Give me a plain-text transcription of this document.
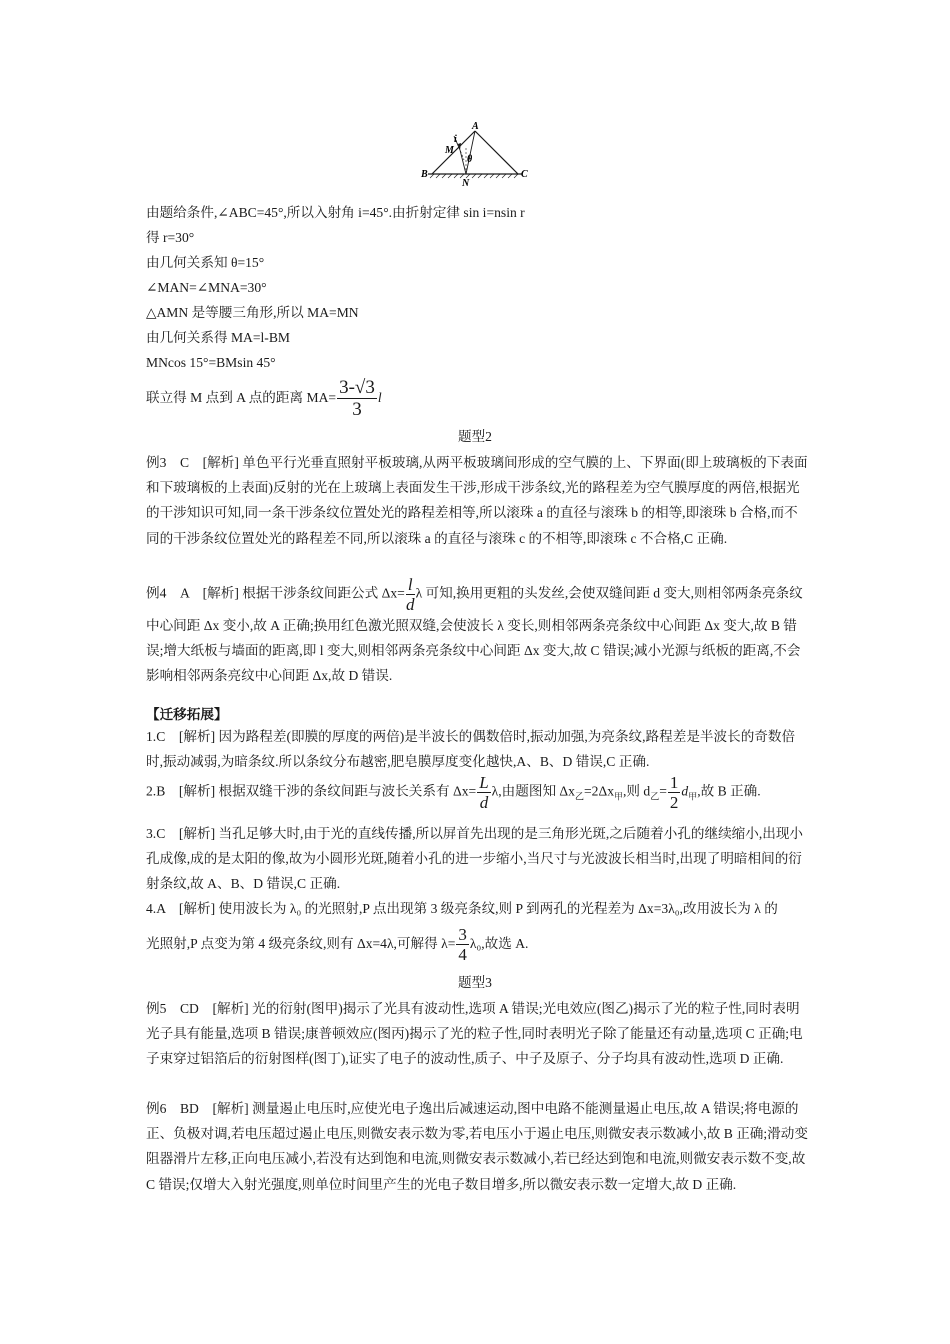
A
B	C
M
N
i
θ
由题给条件,∠ABC=45°,所以入射角 i=45°.由折射定律 sin i=nsin r
得 r=30°
由几何关系知 θ=15°
∠MAN=∠MNA=30°
△AMN 是等腰三角形,所以 MA=MN
由几何关系得 MA=l-BM
MNcos 15°=BMsin 45°
联立得 M 点到 A 点的距离 $MA= \frac{3-√3}{3}$ l
题型2

例3　C　[解析] 单色平行光垂直照射平板玻璃,从两平板玻璃间形成的空气膜的上、下界面(即上玻璃板的下表面和下玻璃板的上表面)反射的光在上玻璃上表面发生干涉,形成干涉条纹,光的路程差为空气膜厚度的两倍,根据光的干涉知识可知,同一条干涉条纹位置处光的路程差相等,所以滚珠 a 的直径与滚珠 b 的相等,即滚珠 b 合格,而不同的干涉条纹位置处光的路程差不同,所以滚珠 a 的直径与滚珠 c 的不相等,即滚珠 c 不合格,C 正确.

例4　A　[解析] 根据干涉条纹间距公式 $\Delta x= \frac{l}{d}$ λ 可知,换用更粗的头发丝,会使双缝间距 d 变大,则相邻两条亮条纹中心间距 Δx 变小,故 A 正确;换用红色激光照双缝,会使波长 λ 变长,则相邻两条亮条纹中心间距 Δx 变大,故 B 错误;增大纸板与墙面的距离,即 l 变大,则相邻两条亮条纹中心间距 Δx 变大,故 C 错误;减小光源与纸板的距离,不会影响相邻两条亮纹中心间距 Δx,故 D 错误.

【迁移拓展】

1.C　[解析] 因为路程差(即膜的厚度的两倍)是半波长的偶数倍时,振动加强,为亮条纹,路程差是半波长的奇数倍时,振动减弱,为暗条纹.所以条纹分布越密,肥皂膜厚度变化越快,A、B、D 错误,C 正确.

2.B　[解析] 根据双缝干涉的条纹间距与波长关系有 $\Delta x= \frac{L}{d} \lambda$,由题图知 $\Delta x_乙=2\Delta x_甲$,则 $d_乙= \frac{1}{2} d_甲$,故 B 正确.

3.C　[解析] 当孔足够大时,由于光的直线传播,所以屏首先出现的是三角形光斑,之后随着小孔的继续缩小,出现小孔成像,成的是太阳的像,故为小圆形光斑,随着小孔的进一步缩小,当尺寸与光波波长相当时,出现了明暗相间的衍射条纹,故 A、B、D 错误,C 正确.

4.A　[解析] 使用波长为 λ₀ 的光照射,P 点出现第 3 级亮条纹,则 P 到两孔的光程差为 Δx=3λ₀,改用波长为 λ 的
光照射,P 点变为第 4 级亮条纹,则有 Δx=4λ,可解得 $\lambda= \frac{3}{4} \lambda_0$,故选 A.
题型3

例5　CD　[解析] 光的衍射(图甲)揭示了光具有波动性,选项 A 错误;光电效应(图乙)揭示了光的粒子性,同时表明光子具有能量,选项 B 错误;康普顿效应(图丙)揭示了光的粒子性,同时表明光子除了能量还有动量,选项 C 正确;电子束穿过铝箔后的衍射图样(图丁),证实了电子的波动性,质子、中子及原子、分子均具有波动性,选项 D 正确.

例6　BD　[解析] 测量遏止电压时,应使光电子逸出后减速运动,图中电路不能测量遏止电压,故 A 错误;将电源的正、负极对调,若电压超过遏止电压,则微安表示数为零,若电压小于遏止电压,则微安表示数减小,故 B 正确;滑动变阻器滑片左移,正向电压减小,若没有达到饱和电流,则微安表示数减小,若已经达到饱和电流,则微安表示数不变,故 C 错误;仅增大入射光强度,则单位时间里产生的光电子数目增多,所以微安表示数一定增大,故 D 正确.
